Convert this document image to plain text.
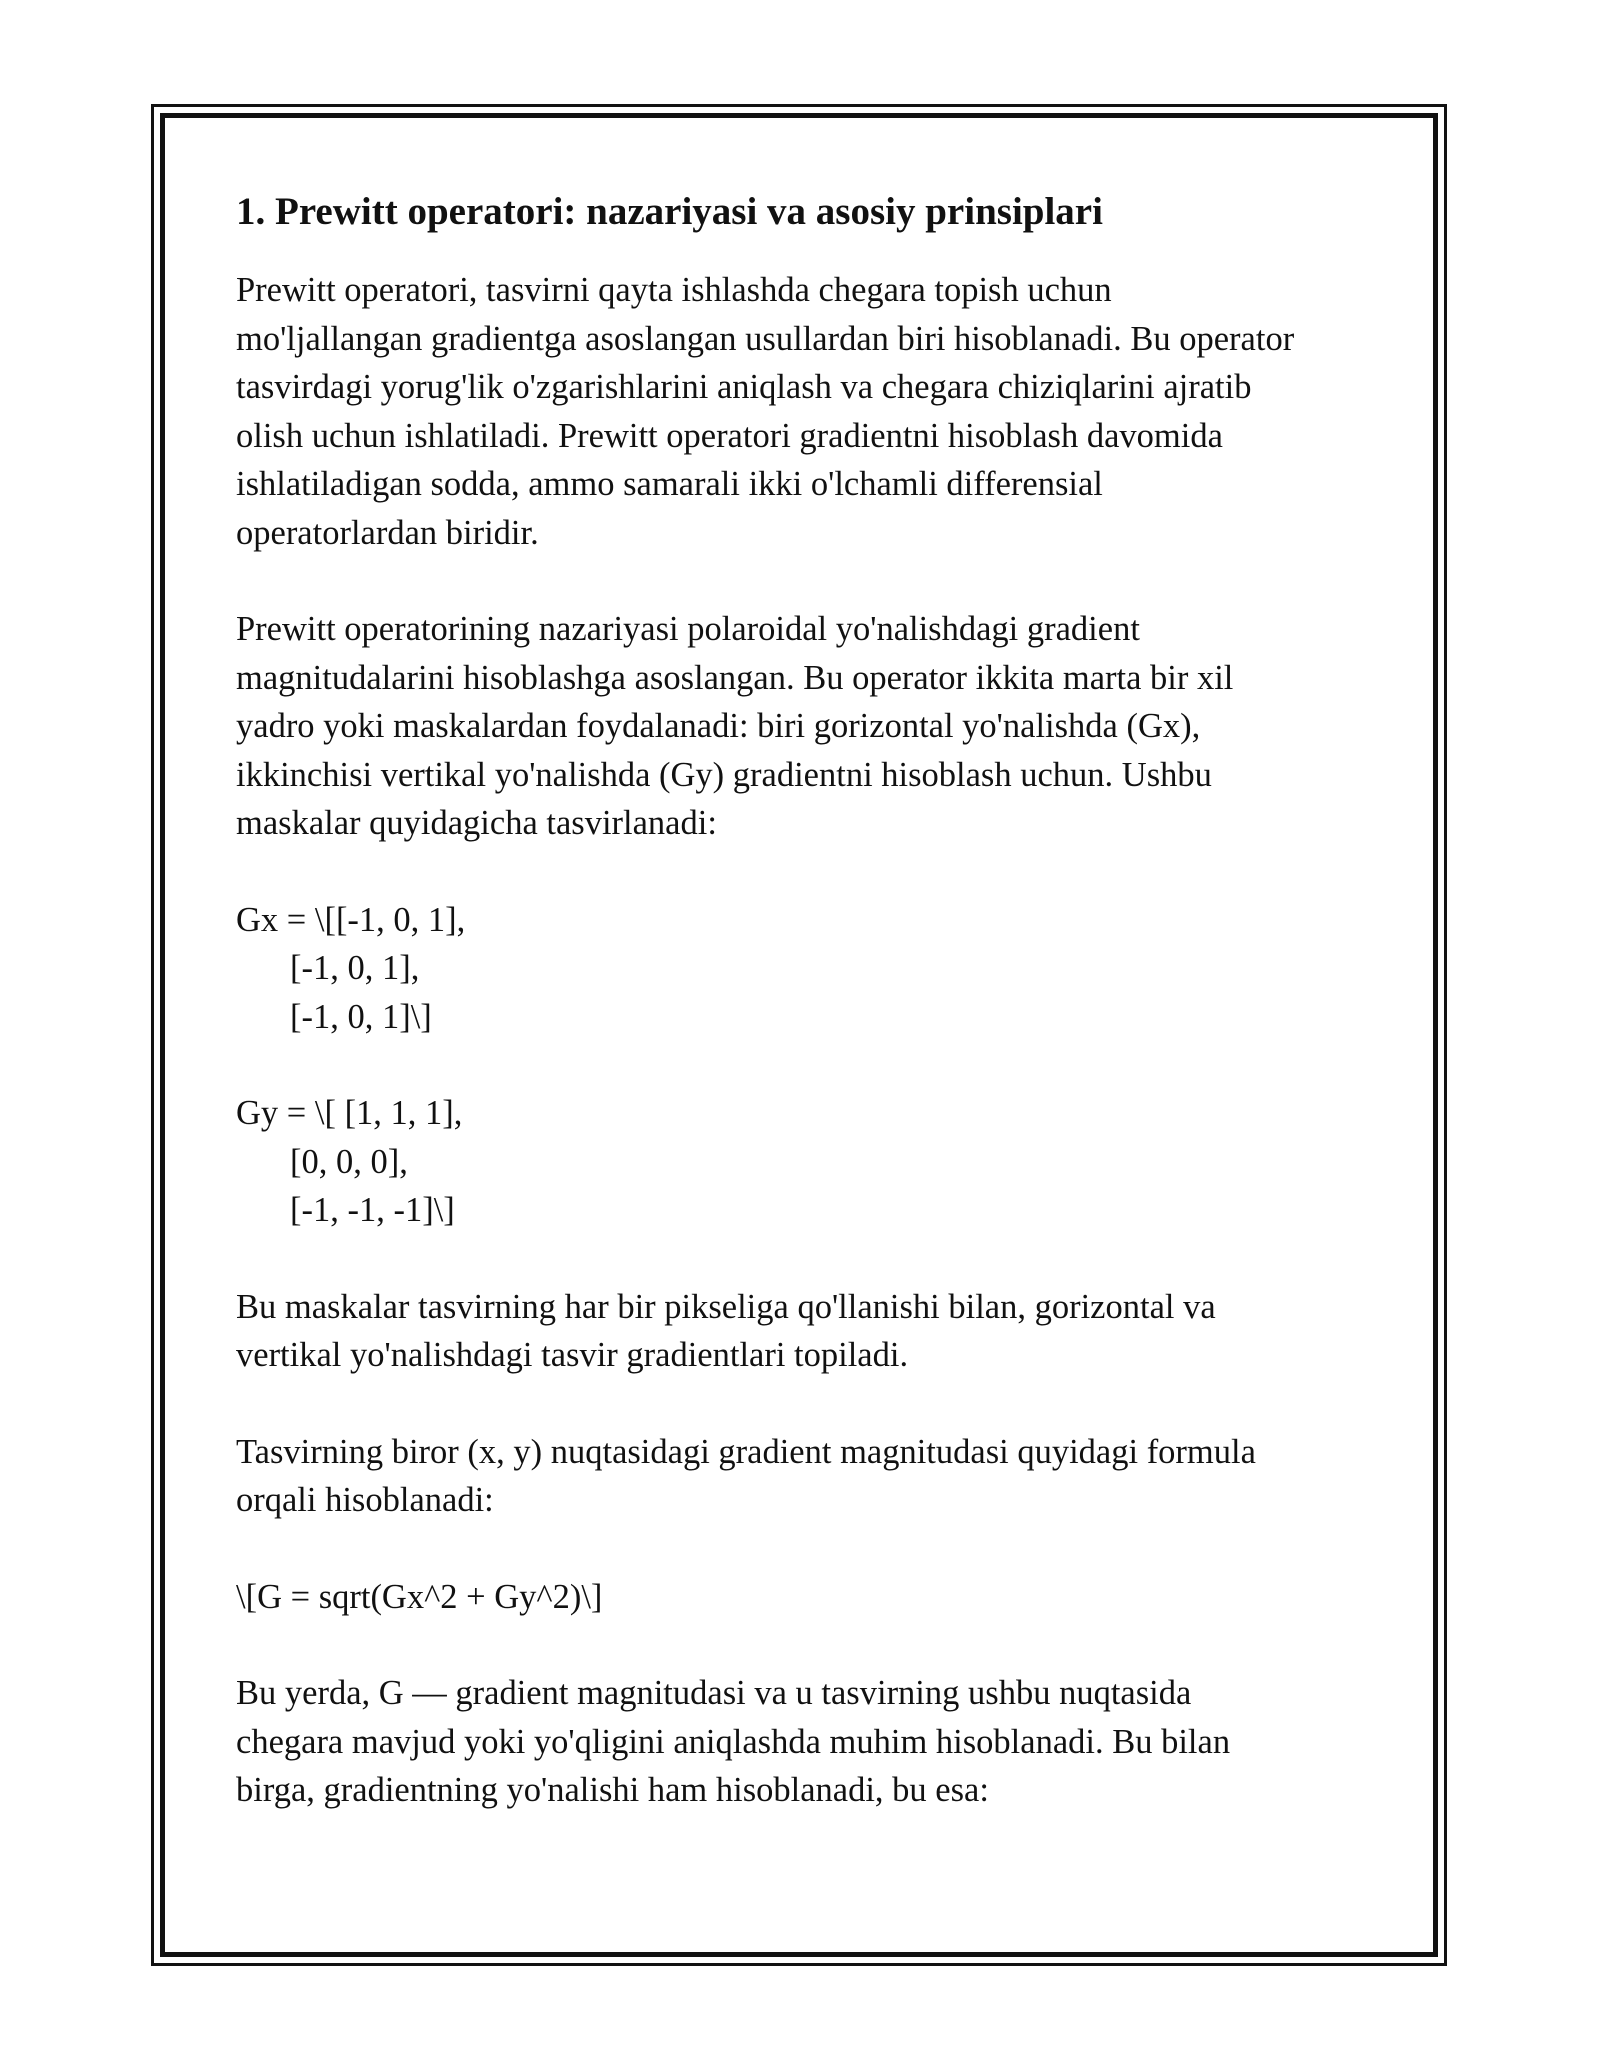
1. Prewitt operatori: nazariyasi va asosiy prinsiplari

Prewitt operatori, tasvirni qayta ishlashda chegara topish uchun
mo'ljallangan gradientga asoslangan usullardan biri hisoblanadi. Bu operator
tasvirdagi yorug'lik o'zgarishlarini aniqlash va chegara chiziqlarini ajratib
olish uchun ishlatiladi. Prewitt operatori gradientni hisoblash davomida
ishlatiladigan sodda, ammo samarali ikki o'lchamli differensial
operatorlardan biridir.

Prewitt operatorining nazariyasi polaroidal yo'nalishdagi gradient
magnitudalarini hisoblashga asoslangan. Bu operator ikkita marta bir xil
yadro yoki maskalardan foydalanadi: biri gorizontal yo'nalishda (Gx),
ikkinchisi vertikal yo'nalishda (Gy) gradientni hisoblash uchun. Ushbu
maskalar quyidagicha tasvirlanadi:

Gx = \[[-1, 0, 1],
[-1, 0, 1],
[-1, 0, 1]\]
Gy = \[ [1, 1, 1],
[0, 0, 0],
[-1, -1, -1]\]

Bu maskalar tasvirning har bir pikseliga qo'llanishi bilan, gorizontal va
vertikal yo'nalishdagi tasvir gradientlari topiladi.

Tasvirning biror (x, y) nuqtasidagi gradient magnitudasi quyidagi formula
orqali hisoblanadi:

\[G = sqrt(Gx^2 + Gy^2)\]

Bu yerda, G — gradient magnitudasi va u tasvirning ushbu nuqtasida
chegara mavjud yoki yo'qligini aniqlashda muhim hisoblanadi. Bu bilan
birga, gradientning yo'nalishi ham hisoblanadi, bu esa:
